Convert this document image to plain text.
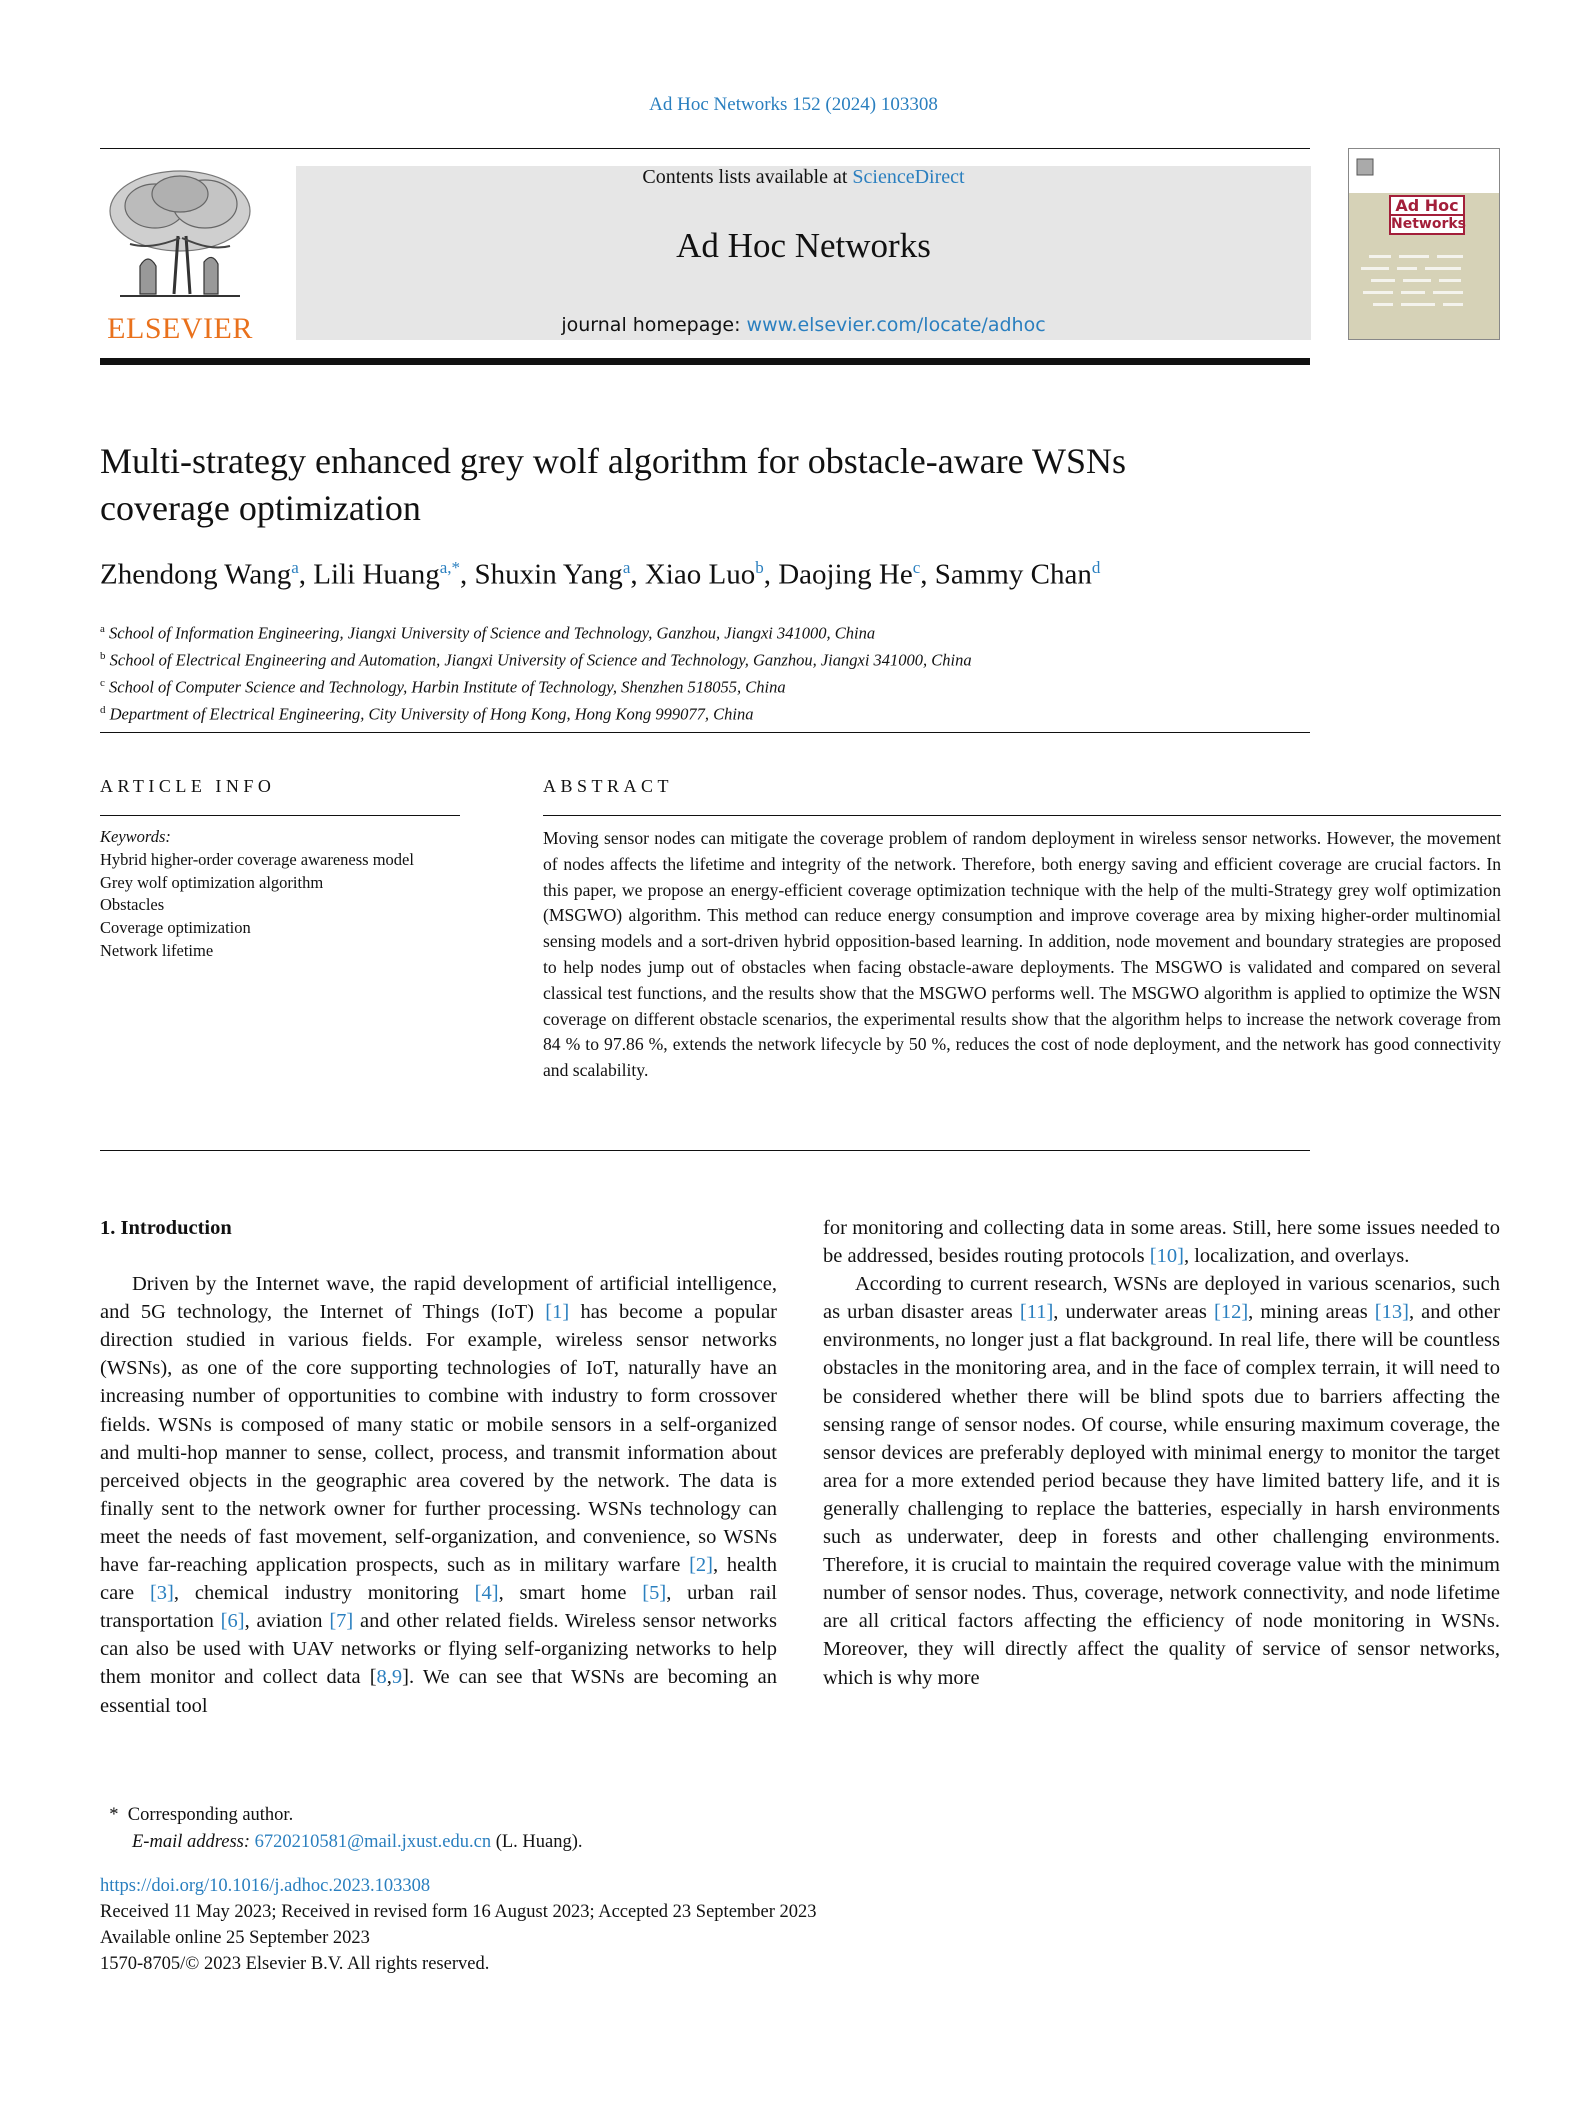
Ad Hoc Networks 152 (2024) 103308
ELSEVIER
Contents lists available at ScienceDirect
Ad Hoc Networks
journal homepage: www.elsevier.com/locate/adhoc
Ad Hoc
Networks
Multi-strategy enhanced grey wolf algorithm for obstacle-aware WSNs
coverage optimization
Zhendong Wang$^a$, Lili Huang$^{a,*}$, Shuxin Yang$^a$, Xiao Luo$^b$, Daojing He$^c$, Sammy Chan$^d$
$^a$ School of Information Engineering, Jiangxi University of Science and Technology, Ganzhou, Jiangxi 341000, China
$^b$ School of Electrical Engineering and Automation, Jiangxi University of Science and Technology, Ganzhou, Jiangxi 341000, China
$^c$ School of Computer Science and Technology, Harbin Institute of Technology, Shenzhen 518055, China
$^d$ Department of Electrical Engineering, City University of Hong Kong, Hong Kong 999077, China
ARTICLE INFO	ABSTRACT
Keywords:
Hybrid higher-order coverage awareness model
Grey wolf optimization algorithm
Obstacles
Coverage optimization
Network lifetime
Moving sensor nodes can mitigate the coverage problem of random deployment in wireless sensor networks. However, the movement of nodes affects the lifetime and integrity of the network. Therefore, both energy saving and efficient coverage are crucial factors. In this paper, we propose an energy-efficient coverage optimization technique with the help of the multi-Strategy grey wolf optimization (MSGWO) algorithm. This method can reduce energy consumption and improve coverage area by mixing higher-order multinomial sensing models and a sort-driven hybrid opposition-based learning. In addition, node movement and boundary strategies are proposed to help nodes jump out of obstacles when facing obstacle-aware deployments. The MSGWO is validated and compared on several classical test functions, and the results show that the MSGWO performs well. The MSGWO algorithm is applied to optimize the WSN coverage on different obstacle scenarios, the experimental results show that the algorithm helps to increase the network coverage from 84 % to 97.86 %, extends the network lifecycle by 50 %, reduces the cost of node deployment, and the network has good connectivity and scalability.
1. Introduction

Driven by the Internet wave, the rapid development of artificial intelligence, and 5G technology, the Internet of Things (IoT) [1] has become a popular direction studied in various fields. For example, wireless sensor networks (WSNs), as one of the core supporting technologies of IoT, naturally have an increasing number of opportunities to combine with industry to form crossover fields. WSNs is composed of many static or mobile sensors in a self-organized and multi-hop manner to sense, collect, process, and transmit information about perceived objects in the geographic area covered by the network. The data is finally sent to the network owner for further processing. WSNs technology can meet the needs of fast movement, self-organization, and convenience, so WSNs have far-reaching application prospects, such as in military warfare [2], health care [3], chemical industry monitoring [4], smart home [5], urban rail transportation [6], aviation [7] and other related fields. Wireless sensor networks can also be used with UAV networks or flying self-organizing networks to help them monitor and collect data [8,9]. We can see that WSNs are becoming an essential tool

for monitoring and collecting data in some areas. Still, here some issues needed to be addressed, besides routing protocols [10], localization, and overlays.

According to current research, WSNs are deployed in various scenarios, such as urban disaster areas [11], underwater areas [12], mining areas [13], and other environments, no longer just a flat background. In real life, there will be countless obstacles in the monitoring area, and in the face of complex terrain, it will need to be considered whether there will be blind spots due to barriers affecting the sensing range of sensor nodes. Of course, while ensuring maximum coverage, the sensor devices are preferably deployed with minimal energy to monitor the target area for a more extended period because they have limited battery life, and it is generally challenging to replace the batteries, especially in harsh environments such as underwater, deep in forests and other challenging environments. Therefore, it is crucial to maintain the required coverage value with the minimum number of sensor nodes. Thus, coverage, network connectivity, and node lifetime are all critical factors affecting the efficiency of node monitoring in WSNs. Moreover, they will directly affect the quality of service of sensor networks, which is why more

* Corresponding author.
E-mail address: 6720210581@mail.jxust.edu.cn (L. Huang).
https://doi.org/10.1016/j.adhoc.2023.103308
Received 11 May 2023; Received in revised form 16 August 2023; Accepted 23 September 2023
Available online 25 September 2023
1570-8705/© 2023 Elsevier B.V. All rights reserved.
